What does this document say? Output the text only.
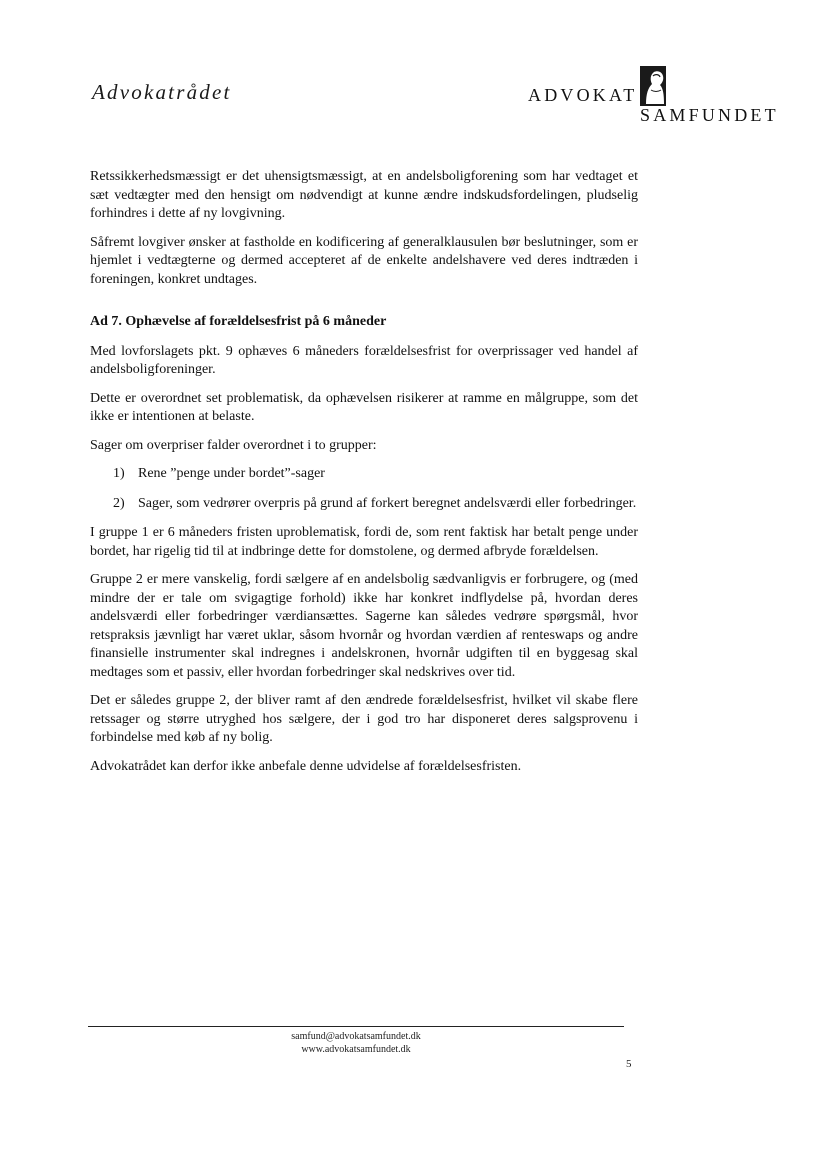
Advokatrådet	ADVOKAT
SAMFUNDET

Retssikkerhedsmæssigt er det uhensigtsmæssigt, at en andelsboligforening som har vedtaget et sæt vedtægter med den hensigt om nødvendigt at kunne ændre indskudsfordelingen, pludselig forhindres i dette af ny lovgivning.

Såfremt lovgiver ønsker at fastholde en kodificering af generalklausulen bør beslutninger, som er hjemlet i vedtægterne og dermed accepteret af de enkelte andelshavere ved deres indtræden i foreningen, konkret undtages.

Ad 7. Ophævelse af forældelsesfrist på 6 måneder

Med lovforslagets pkt. 9 ophæves 6 måneders forældelsesfrist for overprissager ved handel af andelsboligforeninger.

Dette er overordnet set problematisk, da ophævelsen risikerer at ramme en målgruppe, som det ikke er intentionen at belaste.

Sager om overpriser falder overordnet i to grupper:

1) Rene ”penge under bordet”-sager
2) Sager, som vedrører overpris på grund af forkert beregnet andelsværdi eller forbedringer.

I gruppe 1 er 6 måneders fristen uproblematisk, fordi de, som rent faktisk har betalt penge under bordet, har rigelig tid til at indbringe dette for domstolene, og dermed afbryde forældelsen.

Gruppe 2 er mere vanskelig, fordi sælgere af en andelsbolig sædvanligvis er forbrugere, og (med mindre der er tale om svigagtige forhold) ikke har konkret indflydelse på, hvordan deres andelsværdi eller forbedringer værdiansættes. Sagerne kan således vedrøre spørgsmål, hvor retspraksis jævnligt har været uklar, såsom hvornår og hvordan værdien af renteswaps og andre finansielle instrumenter skal indregnes i andelskronen, hvornår udgiften til en byggesag skal medtages som et passiv, eller hvordan forbedringer skal nedskrives over tid.

Det er således gruppe 2, der bliver ramt af den ændrede forældelsesfrist, hvilket vil skabe flere retssager og større utryghed hos sælgere, der i god tro har disponeret deres salgsprovenu i forbindelse med køb af ny bolig.

Advokatrådet kan derfor ikke anbefale denne udvidelse af forældelsesfristen.

samfund@advokatsamfundet.dk
www.advokatsamfundet.dk
5
